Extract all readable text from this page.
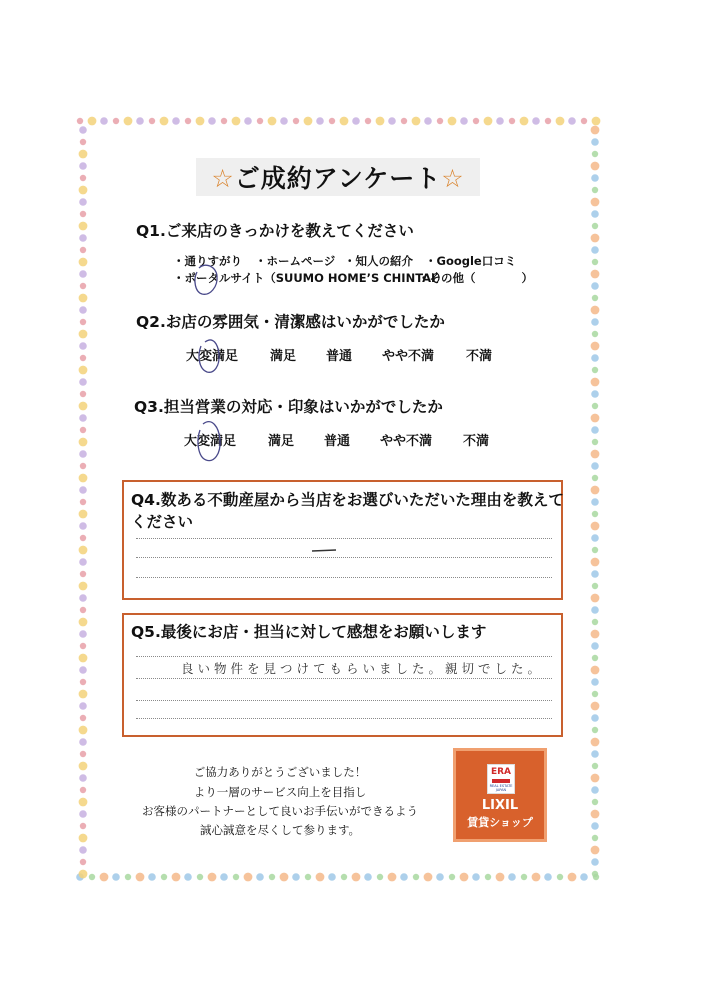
☆ご成約アンケート☆
Q1.ご来店のきっかけを教えてください
・通りすがり ・ホームページ ・知人の紹介 ・Google口コミ
・ポータルサイト（SUUMO HOME’S CHINTAI）
・その他（　　　　）
Q2.お店の雰囲気・清潔感はいかがでしたか
大変満足 満足 普通 やや不満 不満
Q3.担当営業の対応・印象はいかがでしたか
大変満足 満足 普通 やや不満 不満
Q4.数ある不動産屋から当店をお選びいただいた理由を教えて
ください
Q5.最後にお店・担当に対して感想をお願いします
良い物件を見つけてもらいました。親切でした。
ご協力ありがとうございました！
より一層のサービス向上を目指し
お客様のパートナーとして良いお手伝いができるよう
誠心誠意を尽くして参ります。
ERA
REAL ESTATE JAPAN
LIXIL
賃貸ショップ
